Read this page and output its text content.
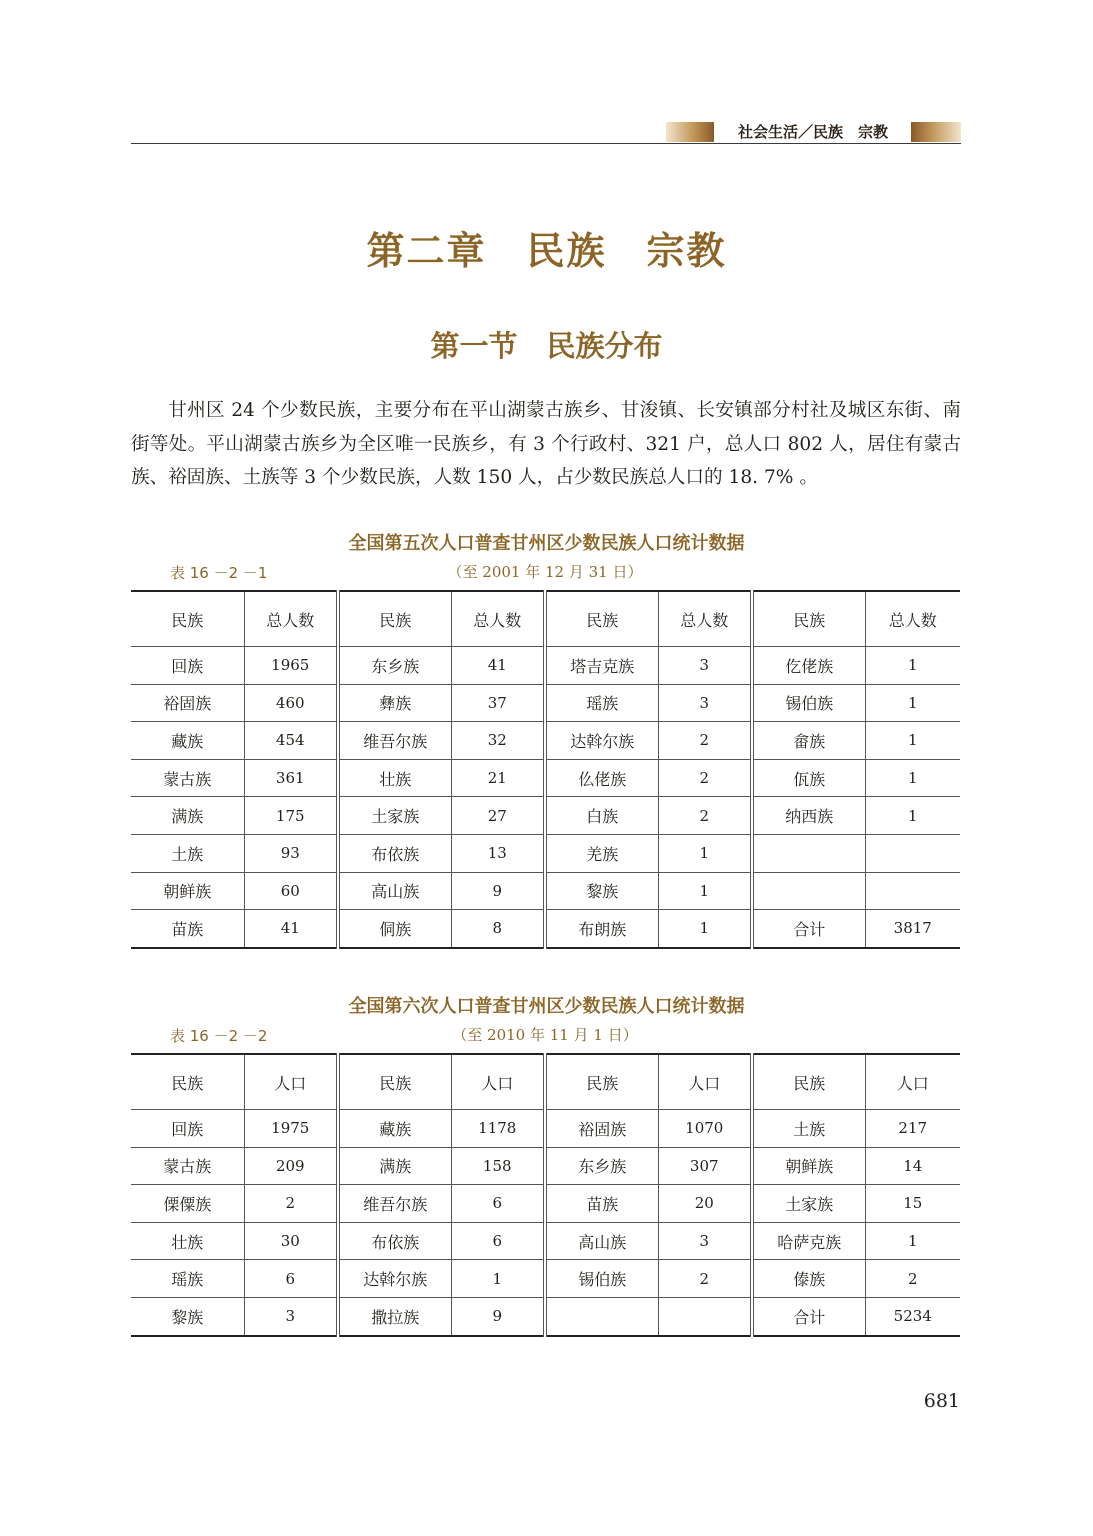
社会生活／民族　宗教
第二章　民族　宗教
第一节　民族分布
甘州区 24 个少数民族，主要分布在平山湖蒙古族乡、甘浚镇、长安镇部分村社及城区东街、南街等处。平山湖蒙古族乡为全区唯一民族乡，有 3 个行政村、321 户，总人口 802 人，居住有蒙古族、裕固族、土族等 3 个少数民族，人数 150 人，占少数民族总人口的 18. 7% 。
全国第五次人口普查甘州区少数民族人口统计数据
表 16 －2 －1	（至 2001 年 12 月 31 日）
民族	总人数	民族	总人数	民族	总人数	民族	总人数
回族	1965	东乡族	41	塔吉克族	3	仡佬族	1
裕固族	460	彝族	37	瑶族	3	锡伯族	1
藏族	454	维吾尔族	32	达斡尔族	2	畲族	1
蒙古族	361	壮族	21	仫佬族	2	佤族	1
满族	175	土家族	27	白族	2	纳西族	1
土族	93	布依族	13	羌族	1		
朝鲜族	60	高山族	9	黎族	1		
苗族	41	侗族	8	布朗族	1	合计	3817
全国第六次人口普查甘州区少数民族人口统计数据
表 16 －2 －2	（至 2010 年 11 月 1 日）
民族	人口	民族	人口	民族	人口	民族	人口
回族	1975	藏族	1178	裕固族	1070	土族	217
蒙古族	209	满族	158	东乡族	307	朝鲜族	14
傈僳族	2	维吾尔族	6	苗族	20	土家族	15
壮族	30	布依族	6	高山族	3	哈萨克族	1
瑶族	6	达斡尔族	1	锡伯族	2	傣族	2
黎族	3	撒拉族	9			合计	5234
681
